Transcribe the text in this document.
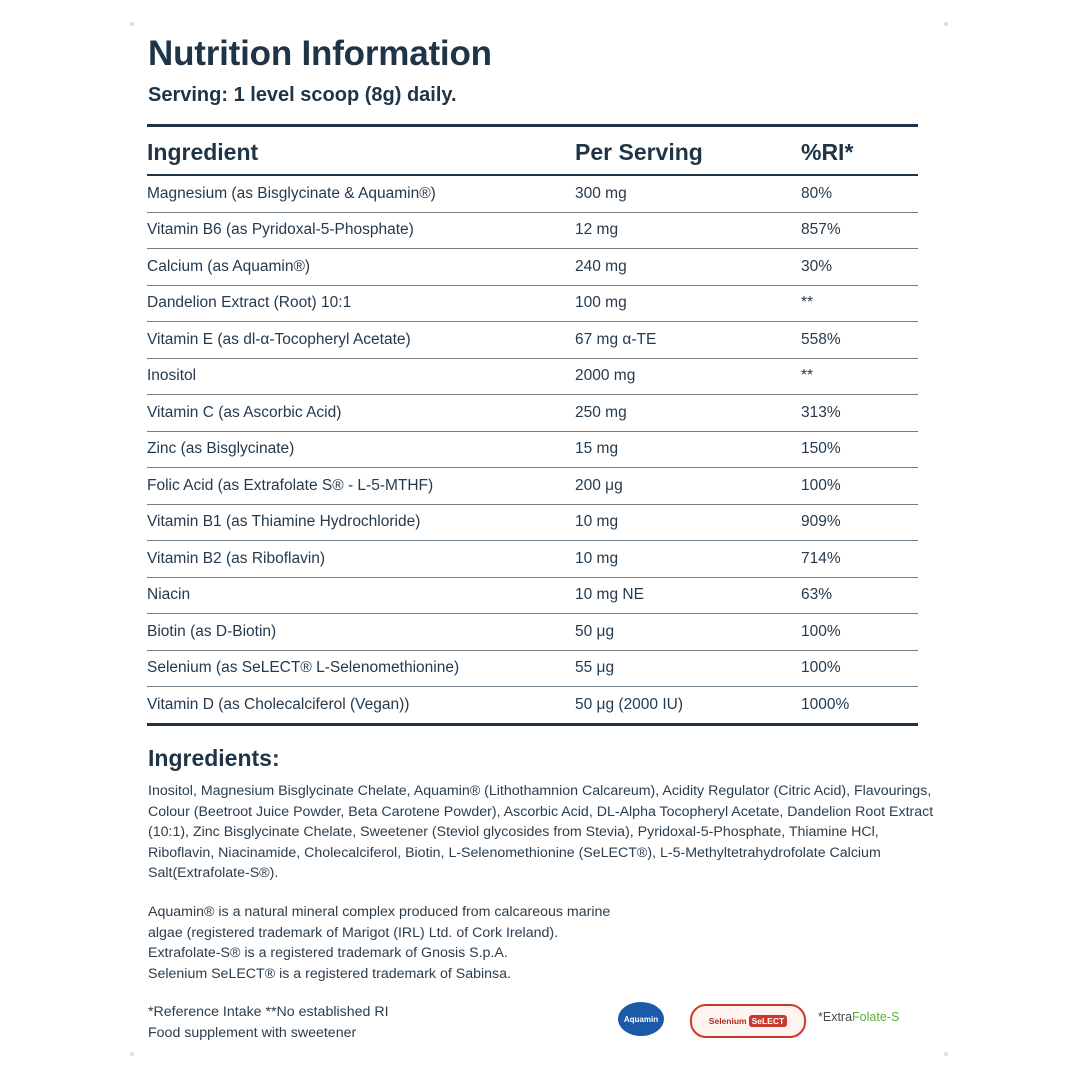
Nutrition Information
Serving: 1 level scoop (8g) daily.
Ingredient	Per Serving	%RI*
Magnesium (as Bisglycinate & Aquamin®)	300 mg	80%
Vitamin B6 (as Pyridoxal-5-Phosphate)	12 mg	857%
Calcium (as Aquamin®)	240 mg	30%
Dandelion Extract (Root) 10:1	100 mg	**
Vitamin E (as dl-α-Tocopheryl Acetate)	67 mg α-TE	558%
Inositol	2000 mg	**
Vitamin C (as Ascorbic Acid)	250 mg	313%
Zinc (as Bisglycinate)	15 mg	150%
Folic Acid (as Extrafolate S® - L-5-MTHF)	200 μg	100%
Vitamin B1 (as Thiamine Hydrochloride)	10 mg	909%
Vitamin B2 (as Riboflavin)	10 mg	714%
Niacin	10 mg NE	63%
Biotin (as D-Biotin)	50 μg	100%
Selenium (as SeLECT® L-Selenomethionine)	55 μg	100%
Vitamin D (as Cholecalciferol (Vegan))	50 μg (2000 IU)	1000%
Ingredients:

Inositol, Magnesium Bisglycinate Chelate, Aquamin® (Lithothamnion Calcareum), Acidity Regulator (Citric Acid), Flavourings, Colour (Beetroot Juice Powder, Beta Carotene Powder), Ascorbic Acid, DL-Alpha Tocopheryl Acetate, Dandelion Root Extract (10:1), Zinc Bisglycinate Chelate, Sweetener (Steviol glycosides from Stevia), Pyridoxal-5-Phosphate, Thiamine HCl, Riboflavin, Niacinamide, Cholecalciferol, Biotin, L-Selenomethionine (SeLECT®), L-5-Methyltetrahydrofolate Calcium Salt(Extrafolate-S®).

Aquamin® is a natural mineral complex produced from calcareous marine
algae (registered trademark of Marigot (IRL) Ltd. of Cork Ireland).
Extrafolate-S® is a registered trademark of Gnosis S.p.A.
Selenium SeLECT® is a registered trademark of Sabinsa.
*Reference Intake **No established RI
Food supplement with sweetener
Aquamin	Selenium SeLECT	*ExtraFolate-S
